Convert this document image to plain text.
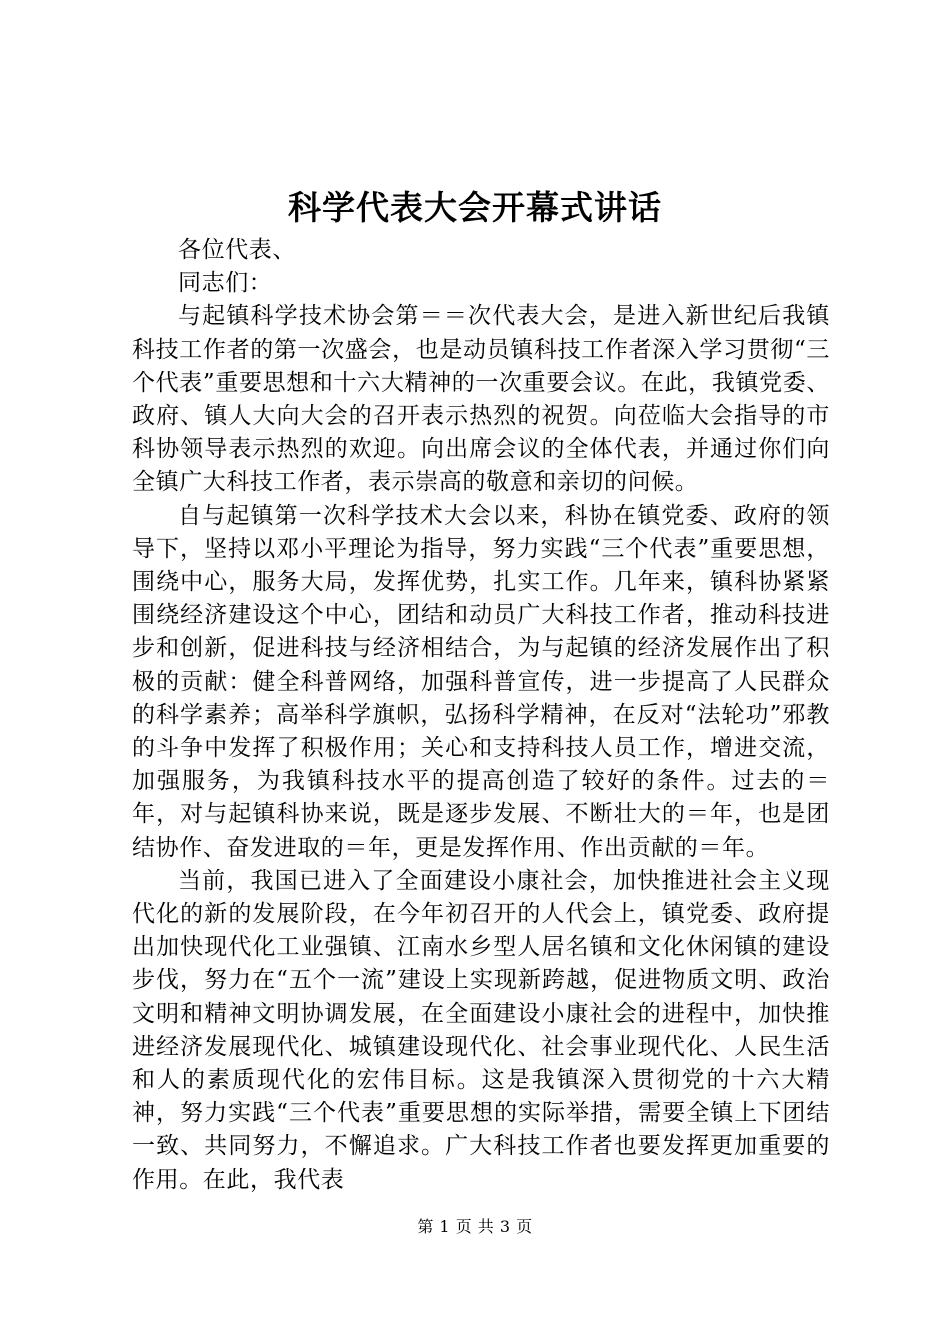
科学代表大会开幕式讲话

各位代表、

同志们：

与起镇科学技术协会第＝＝次代表大会，是进入新世纪后我镇科技工作者的第一次盛会，也是动员镇科技工作者深入学习贯彻“三个代表”重要思想和十六大精神的一次重要会议。在此，我镇党委、政府、镇人大向大会的召开表示热烈的祝贺。向莅临大会指导的市科协领导表示热烈的欢迎。向出席会议的全体代表，并通过你们向全镇广大科技工作者，表示崇高的敬意和亲切的问候。

自与起镇第一次科学技术大会以来，科协在镇党委、政府的领导下，坚持以邓小平理论为指导，努力实践“三个代表”重要思想，围绕中心，服务大局，发挥优势，扎实工作。几年来，镇科协紧紧围绕经济建设这个中心，团结和动员广大科技工作者，推动科技进步和创新，促进科技与经济相结合，为与起镇的经济发展作出了积极的贡献：健全科普网络，加强科普宣传，进一步提高了人民群众的科学素养；高举科学旗帜，弘扬科学精神，在反对“法轮功”邪教的斗争中发挥了积极作用；关心和支持科技人员工作，增进交流，加强服务，为我镇科技水平的提高创造了较好的条件。过去的＝年，对与起镇科协来说，既是逐步发展、不断壮大的＝年，也是团结协作、奋发进取的＝年，更是发挥作用、作出贡献的＝年。

当前，我国已进入了全面建设小康社会，加快推进社会主义现代化的新的发展阶段，在今年初召开的人代会上，镇党委、政府提出加快现代化工业强镇、江南水乡型人居名镇和文化休闲镇的建设步伐，努力在“五个一流”建设上实现新跨越，促进物质文明、政治文明和精神文明协调发展，在全面建设小康社会的进程中，加快推进经济发展现代化、城镇建设现代化、社会事业现代化、人民生活和人的素质现代化的宏伟目标。这是我镇深入贯彻党的十六大精神，努力实践“三个代表”重要思想的实际举措，需要全镇上下团结一致、共同努力，不懈追求。广大科技工作者也要发挥更加重要的作用。在此，我代表

第 1 页 共 3 页
